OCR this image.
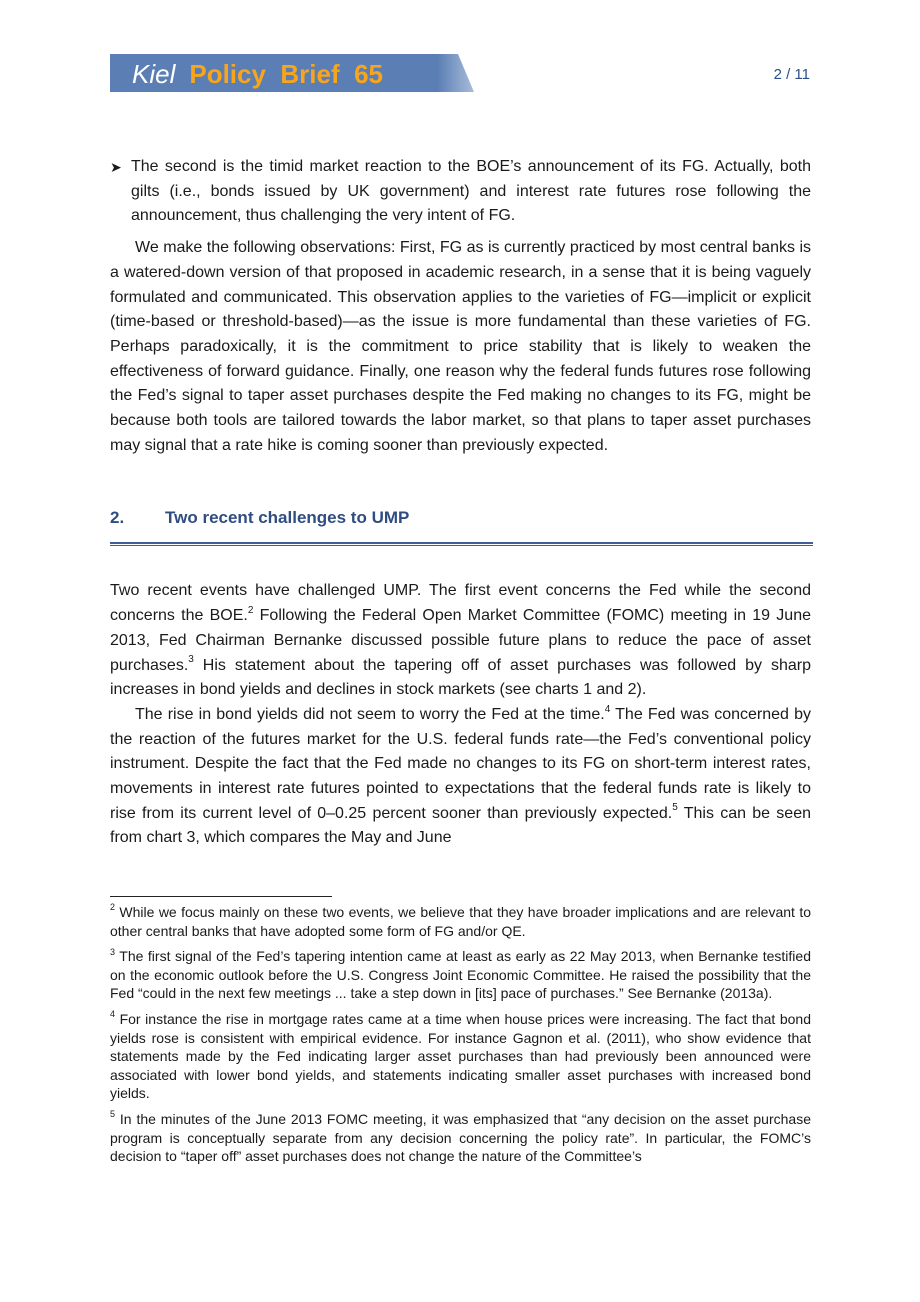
Kiel Policy  Brief  65	2 / 11

➤ The second is the timid market reaction to the BOE’s announcement of its FG. Actually, both gilts (i.e., bonds issued by UK government) and interest rate futures rose following the announcement, thus challenging the very intent of FG.

We make the following observations: First, FG as is currently practiced by most central banks is a watered-down version of that proposed in academic research, in a sense that it is being vaguely formulated and communicated. This observation applies to the varieties of FG—implicit or explicit (time-based or threshold-based)—as the issue is more fundamental than these varieties of FG. Perhaps paradoxically, it is the commitment to price stability that is likely to weaken the effectiveness of forward guidance. Finally, one reason why the federal funds futures rose following the Fed’s signal to taper asset purchases despite the Fed making no changes to its FG, might be because both tools are tailored towards the labor market, so that plans to taper asset purchases may signal that a rate hike is coming sooner than previously expected.

2.	Two recent challenges to UMP

Two recent events have challenged UMP. The first event concerns the Fed while the second concerns the BOE.$^2$ Following the Federal Open Market Committee (FOMC) meeting in 19 June 2013, Fed Chairman Bernanke discussed possible future plans to reduce the pace of asset purchases.$^3$ His statement about the tapering off of asset purchases was followed by sharp increases in bond yields and declines in stock markets (see charts 1 and 2).

The rise in bond yields did not seem to worry the Fed at the time.$^4$ The Fed was concerned by the reaction of the futures market for the U.S. federal funds rate—the Fed’s conventional policy instrument. Despite the fact that the Fed made no changes to its FG on short-term interest rates, movements in interest rate futures pointed to expectations that the federal funds rate is likely to rise from its current level of 0–0.25 percent sooner than previously expected.$^5$ This can be seen from chart 3, which compares the May and June

$^2$ While we focus mainly on these two events, we believe that they have broader implications and are relevant to other central banks that have adopted some form of FG and/or QE.

$^3$ The first signal of the Fed’s tapering intention came at least as early as 22 May 2013, when Bernanke testified on the economic outlook before the U.S. Congress Joint Economic Committee. He raised the possibility that the Fed “could in the next few meetings ... take a step down in [its] pace of purchases.” See Bernanke (2013a).

$^4$ For instance the rise in mortgage rates came at a time when house prices were increasing. The fact that bond yields rose is consistent with empirical evidence. For instance Gagnon et al. (2011), who show evidence that statements made by the Fed indicating larger asset purchases than had previously been announced were associated with lower bond yields, and statements indicating smaller asset purchases with increased bond yields.

$^5$ In the minutes of the June 2013 FOMC meeting, it was emphasized that “any decision on the asset purchase program is conceptually separate from any decision concerning the policy rate”. In particular, the FOMC’s decision to “taper off” asset purchases does not change the nature of the Committee’s
